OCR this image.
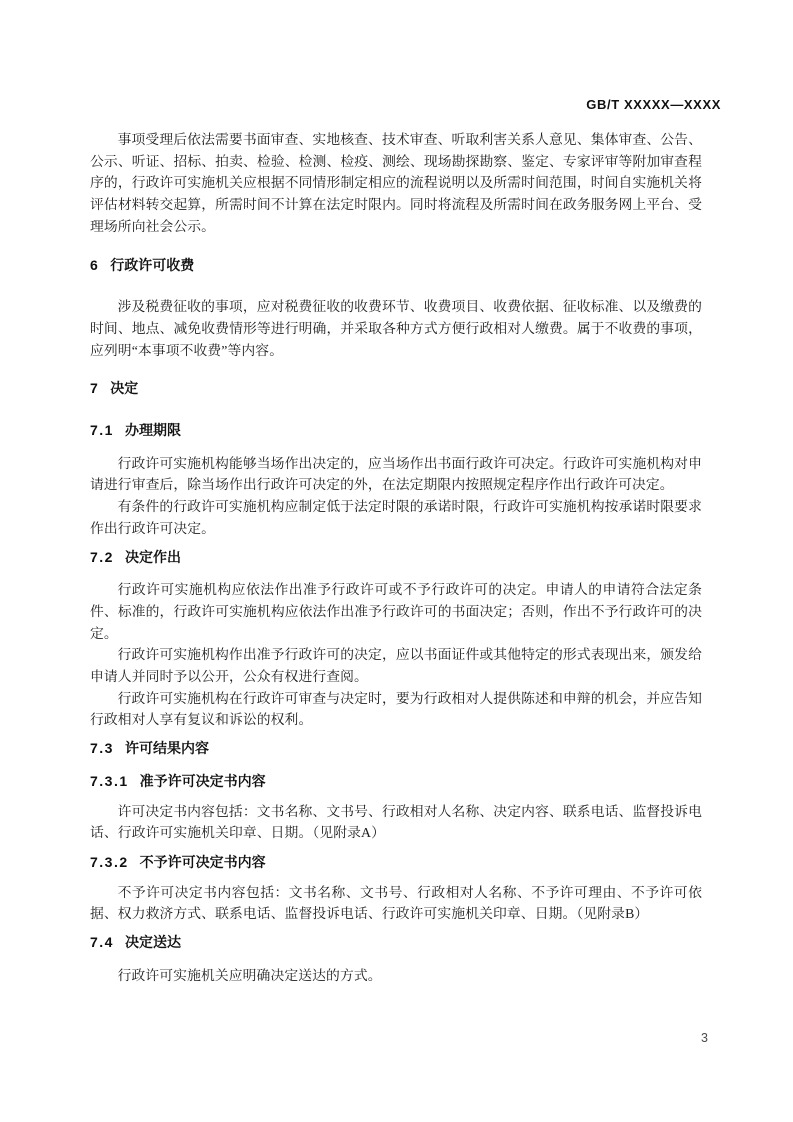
GB/T XXXXX—XXXX

事项受理后依法需要书面审查、实地核查、技术审查、听取利害关系人意见、集体审查、公告、公示、听证、招标、拍卖、检验、检测、检疫、测绘、现场勘探勘察、鉴定、专家评审等附加审查程序的，行政许可实施机关应根据不同情形制定相应的流程说明以及所需时间范围，时间自实施机关将评估材料转交起算，所需时间不计算在法定时限内。同时将流程及所需时间在政务服务网上平台、受理场所向社会公示。

6 行政许可收费

涉及税费征收的事项，应对税费征收的收费环节、收费项目、收费依据、征收标准、以及缴费的时间、地点、减免收费情形等进行明确，并采取各种方式方便行政相对人缴费。属于不收费的事项，应列明“本事项不收费”等内容。

7 决定
7.1 办理期限

行政许可实施机构能够当场作出决定的，应当场作出书面行政许可决定。行政许可实施机构对申请进行审查后，除当场作出行政许可决定的外，在法定期限内按照规定程序作出行政许可决定。

有条件的行政许可实施机构应制定低于法定时限的承诺时限，行政许可实施机构按承诺时限要求作出行政许可决定。

7.2 决定作出

行政许可实施机构应依法作出准予行政许可或不予行政许可的决定。申请人的申请符合法定条件、标准的，行政许可实施机构应依法作出准予行政许可的书面决定；否则，作出不予行政许可的决定。

行政许可实施机构作出准予行政许可的决定，应以书面证件或其他特定的形式表现出来，颁发给申请人并同时予以公开，公众有权进行查阅。

行政许可实施机构在行政许可审查与决定时，要为行政相对人提供陈述和申辩的机会，并应告知行政相对人享有复议和诉讼的权利。

7.3 许可结果内容
7.3.1 准予许可决定书内容

许可决定书内容包括：文书名称、文书号、行政相对人名称、决定内容、联系电话、监督投诉电话、行政许可实施机关印章、日期。（见附录A）

7.3.2 不予许可决定书内容

不予许可决定书内容包括：文书名称、文书号、行政相对人名称、不予许可理由、不予许可依据、权力救济方式、联系电话、监督投诉电话、行政许可实施机关印章、日期。（见附录B）

7.4 决定送达

行政许可实施机关应明确决定送达的方式。

3
